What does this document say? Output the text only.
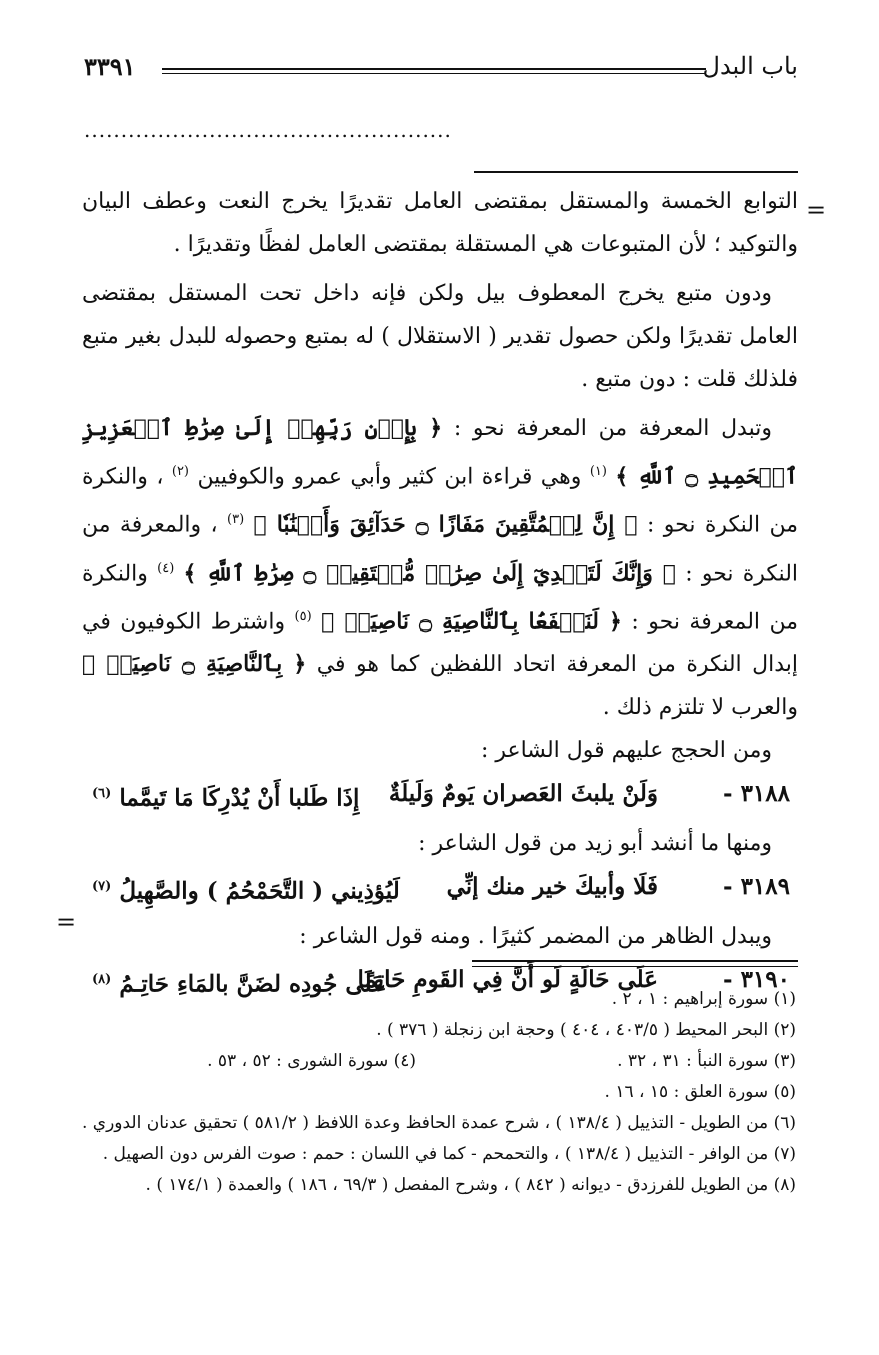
باب البدل
٣٣٩١
..................................................
=

التوابع الخمسة والمستقل بمقتضى العامل تقديرًا يخرج النعت وعطف البيان والتوكيد ؛ لأن المتبوعات هي المستقلة بمقتضى العامل لفظًا وتقديرًا .

ودون متبع يخرج المعطوف بيل ولكن فإنه داخل تحت المستقل بمقتضى العامل تقديرًا ولكن حصول تقدير ( الاستقلال ) له بمتبع وحصوله للبدل بغير متبع فلذلك قلت : دون متبع .

وتبدل المعرفة من المعرفة نحو : ﴿ بِإِذۡنِ رَبِّهِمۡ إِلَىٰ صِرَٰطِ ٱلۡعَزِيزِ ٱلۡحَمِيدِ ۝ ٱللَّهِ ﴾ $^{(١)}$ وهي قراءة ابن كثير وأبي عمرو والكوفيين $^{(٢)}$ ، والنكرة من النكرة نحو : ﴿ إِنَّ لِلۡمُتَّقِينَ مَفَازًا ۝ حَدَآئِقَ وَأَعۡنَٰبٗا ﴾ $^{(٣)}$ ، والمعرفة من النكرة نحو : ﴿ وَإِنَّكَ لَتَهۡدِيٓ إِلَىٰ صِرَٰطٖ مُّسۡتَقِيمٖ ۝ صِرَٰطِ ٱللَّهِ ﴾ $^{(٤)}$ والنكرة من المعرفة نحو : ﴿ لَنَسۡفَعَۢا بِٱلنَّاصِيَةِ ۝ نَاصِيَةٖ ﴾ $^{(٥)}$ واشترط الكوفيون في إبدال النكرة من المعرفة اتحاد اللفظين كما هو في ﴿ بِٱلنَّاصِيَةِ ۝ نَاصِيَةٖ ﴾ والعرب لا تلتزم ذلك .

ومن الحجج عليهم قول الشاعر :

٣١٨٨ -
وَلَنْ يلبثَ العَصران يَومٌ وَلَيلَةٌ
إِذَا طَلبا أَنْ يُدْرِكَا مَا تَيمَّما $^{(٦)}$

ومنها ما أنشد أبو زيد من قول الشاعر :

٣١٨٩ -
فَلَا وأبيكَ خير منك إنِّي
لَيُؤذِيني ( التَّحَمْحُمُ ) والصَّهِيلُ $^{(٧)}$

ويبدل الظاهر من المضمر كثيرًا . ومنه قول الشاعر :

٣١٩٠ -
عَلَى حَالَةٍ لَو أَنَّ فِي القَومِ حَاتِمًا
عَلَى جُودِه لضَنَّ بالمَاءِ حَاتِـمُ $^{(٨)}$
=

(١) سورة إبراهيم : ١ ، ٢ .

(٢) البحر المحيط ( ٤٠٣/٥ ، ٤٠٤ ) وحجة ابن زنجلة ( ٣٧٦ ) .

(٣) سورة النبأ : ٣١ ، ٣٢ .
(٤) سورة الشورى : ٥٢ ، ٥٣ .

(٥) سورة العلق : ١٥ ، ١٦ .

(٦) من الطويل - التذييل ( ١٣٨/٤ ) ، شرح عمدة الحافظ وعدة اللافظ ( ٥٨١/٢ ) تحقيق عدنان الدوري .

(٧) من الوافر - التذييل ( ١٣٨/٤ ) ، والتحمحم - كما في اللسان : حمم : صوت الفرس دون الصهيل .

(٨) من الطويل للفرزدق - ديوانه ( ٨٤٢ ) ، وشرح المفصل ( ٦٩/٣ ، ١٨٦ ) والعمدة ( ١٧٤/١ ) .
